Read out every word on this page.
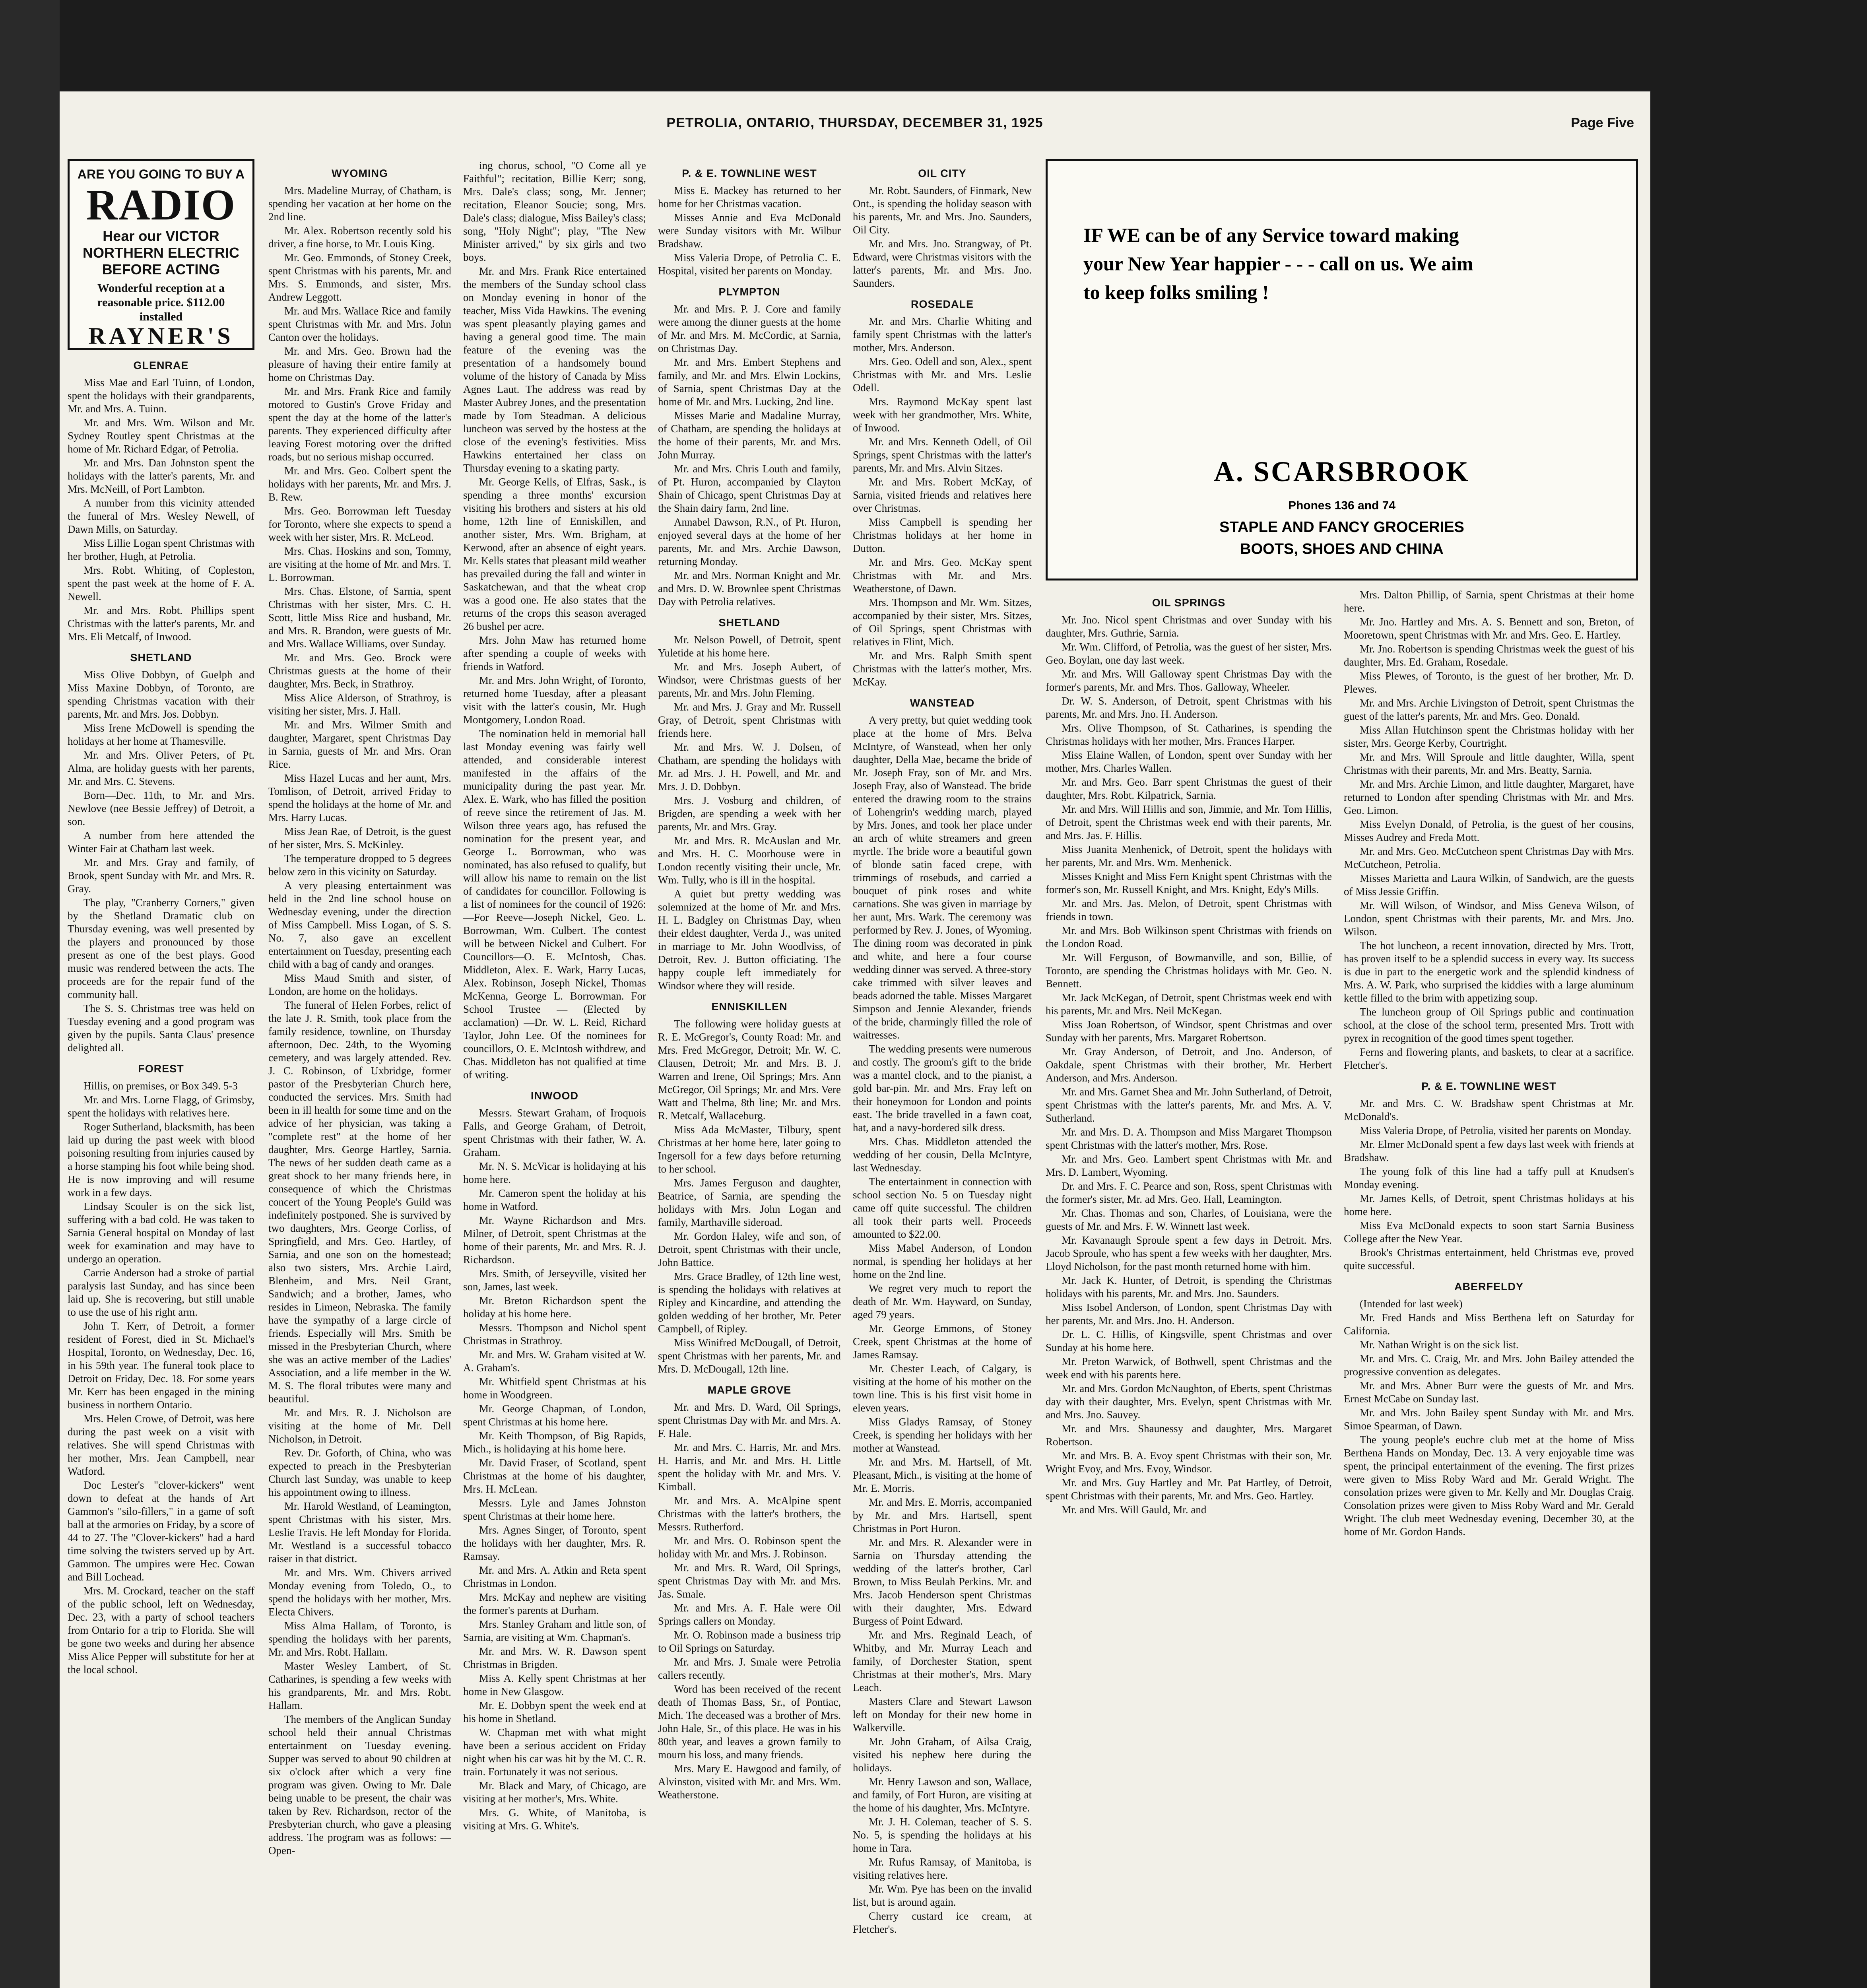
PETROLIA, ONTARIO, THURSDAY, DECEMBER 31, 1925	Page Five
ARE YOU GOING TO BUY A
RADIO
Hear our VICTOR NORTHERN ELECTRIC BEFORE ACTING
Wonderful reception at a reasonable price. $112.00 installed
RAYNER'S
GLENRAE

Miss Mae and Earl Tuinn, of London, spent the holidays with their grandparents, Mr. and Mrs. A. Tuinn.

Mr. and Mrs. Wm. Wilson and Mr. Sydney Routley spent Christmas at the home of Mr. Richard Edgar, of Petrolia.

Mr. and Mrs. Dan Johnston spent the holidays with the latter's parents, Mr. and Mrs. McNeill, of Port Lambton.

A number from this vicinity attended the funeral of Mrs. Wesley Newell, of Dawn Mills, on Saturday.

Miss Lillie Logan spent Christmas with her brother, Hugh, at Petrolia.

Mrs. Robt. Whiting, of Copleston, spent the past week at the home of F. A. Newell.

Mr. and Mrs. Robt. Phillips spent Christmas with the latter's parents, Mr. and Mrs. Eli Metcalf, of Inwood.

SHETLAND

Miss Olive Dobbyn, of Guelph and Miss Maxine Dobbyn, of Toronto, are spending Christmas vacation with their parents, Mr. and Mrs. Jos. Dobbyn.

Miss Irene McDowell is spending the holidays at her home at Thamesville.

Mr. and Mrs. Oliver Peters, of Pt. Alma, are holiday guests with her parents, Mr. and Mrs. C. Stevens.

Born—Dec. 11th, to Mr. and Mrs. Newlove (nee Bessie Jeffrey) of Detroit, a son.

A number from here attended the Winter Fair at Chatham last week.

Mr. and Mrs. Gray and family, of Brook, spent Sunday with Mr. and Mrs. R. Gray.

The play, "Cranberry Corners," given by the Shetland Dramatic club on Thursday evening, was well presented by the players and pronounced by those present as one of the best plays. Good music was rendered between the acts. The proceeds are for the repair fund of the community hall.

The S. S. Christmas tree was held on Tuesday evening and a good program was given by the pupils. Santa Claus' presence delighted all.

FOREST

Hillis, on premises, or Box 349. 5-3

Mr. and Mrs. Lorne Flagg, of Grimsby, spent the holidays with relatives here.

Roger Sutherland, blacksmith, has been laid up during the past week with blood poisoning resulting from injuries caused by a horse stamping his foot while being shod. He is now improving and will resume work in a few days.

Lindsay Scouler is on the sick list, suffering with a bad cold. He was taken to Sarnia General hospital on Monday of last week for examination and may have to undergo an operation.

Carrie Anderson had a stroke of partial paralysis last Sunday, and has since been laid up. She is recovering, but still unable to use the use of his right arm.

John T. Kerr, of Detroit, a former resident of Forest, died in St. Michael's Hospital, Toronto, on Wednesday, Dec. 16, in his 59th year. The funeral took place to Detroit on Friday, Dec. 18. For some years Mr. Kerr has been engaged in the mining business in northern Ontario.

Mrs. Helen Crowe, of Detroit, was here during the past week on a visit with relatives. She will spend Christmas with her mother, Mrs. Jean Campbell, near Watford.

Doc Lester's "clover-kickers" went down to defeat at the hands of Art Gammon's "silo-fillers," in a game of soft ball at the armories on Friday, by a score of 44 to 27. The "Clover-kickers" had a hard time solving the twisters served up by Art. Gammon. The umpires were Hec. Cowan and Bill Lochead.

Mrs. M. Crockard, teacher on the staff of the public school, left on Wednesday, Dec. 23, with a party of school teachers from Ontario for a trip to Florida. She will be gone two weeks and during her absence Miss Alice Pepper will substitute for her at the local school.

WYOMING

Mrs. Madeline Murray, of Chatham, is spending her vacation at her home on the 2nd line.

Mr. Alex. Robertson recently sold his driver, a fine horse, to Mr. Louis King.

Mr. Geo. Emmonds, of Stoney Creek, spent Christmas with his parents, Mr. and Mrs. S. Emmonds, and sister, Mrs. Andrew Leggott.

Mr. and Mrs. Wallace Rice and family spent Christmas with Mr. and Mrs. John Canton over the holidays.

Mr. and Mrs. Geo. Brown had the pleasure of having their entire family at home on Christmas Day.

Mr. and Mrs. Frank Rice and family motored to Gustin's Grove Friday and spent the day at the home of the latter's parents. They experienced difficulty after leaving Forest motoring over the drifted roads, but no serious mishap occurred.

Mr. and Mrs. Geo. Colbert spent the holidays with her parents, Mr. and Mrs. J. B. Rew.

Mrs. Geo. Borrowman left Tuesday for Toronto, where she expects to spend a week with her sister, Mrs. R. McLeod.

Mrs. Chas. Hoskins and son, Tommy, are visiting at the home of Mr. and Mrs. T. L. Borrowman.

Mrs. Chas. Elstone, of Sarnia, spent Christmas with her sister, Mrs. C. H. Scott, little Miss Rice and husband, Mr. and Mrs. R. Brandon, were guests of Mr. and Mrs. Wallace Williams, over Sunday.

Mr. and Mrs. Geo. Brock were Christmas guests at the home of their daughter, Mrs. Beck, in Strathroy.

Miss Alice Alderson, of Strathroy, is visiting her sister, Mrs. J. Hall.

Mr. and Mrs. Wilmer Smith and daughter, Margaret, spent Christmas Day in Sarnia, guests of Mr. and Mrs. Oran Rice.

Miss Hazel Lucas and her aunt, Mrs. Tomlison, of Detroit, arrived Friday to spend the holidays at the home of Mr. and Mrs. Harry Lucas.

Miss Jean Rae, of Detroit, is the guest of her sister, Mrs. S. McKinley.

The temperature dropped to 5 degrees below zero in this vicinity on Saturday.

A very pleasing entertainment was held in the 2nd line school house on Wednesday evening, under the direction of Miss Campbell. Miss Logan, of S. S. No. 7, also gave an excellent entertainment on Tuesday, presenting each child with a bag of candy and oranges.

Miss Maud Smith and sister, of London, are home on the holidays.

The funeral of Helen Forbes, relict of the late J. R. Smith, took place from the family residence, townline, on Thursday afternoon, Dec. 24th, to the Wyoming cemetery, and was largely attended. Rev. J. C. Robinson, of Uxbridge, former pastor of the Presbyterian Church here, conducted the services. Mrs. Smith had been in ill health for some time and on the advice of her physician, was taking a "complete rest" at the home of her daughter, Mrs. George Hartley, Sarnia. The news of her sudden death came as a great shock to her many friends here, in consequence of which the Christmas concert of the Young People's Guild was indefinitely postponed. She is survived by two daughters, Mrs. George Corliss, of Springfield, and Mrs. Geo. Hartley, of Sarnia, and one son on the homestead; also two sisters, Mrs. Archie Laird, Blenheim, and Mrs. Neil Grant, Sandwich; and a brother, James, who resides in Limeon, Nebraska. The family have the sympathy of a large circle of friends. Especially will Mrs. Smith be missed in the Presbyterian Church, where she was an active member of the Ladies' Association, and a life member in the W. M. S. The floral tributes were many and beautiful.

Mr. and Mrs. R. J. Nicholson are visiting at the home of Mr. Dell Nicholson, in Detroit.

Rev. Dr. Goforth, of China, who was expected to preach in the Presbyterian Church last Sunday, was unable to keep his appointment owing to illness.

Mr. Harold Westland, of Leamington, spent Christmas with his sister, Mrs. Leslie Travis. He left Monday for Florida. Mr. Westland is a successful tobacco raiser in that district.

Mr. and Mrs. Wm. Chivers arrived Monday evening from Toledo, O., to spend the holidays with her mother, Mrs. Electa Chivers.

Miss Alma Hallam, of Toronto, is spending the holidays with her parents, Mr. and Mrs. Robt. Hallam.

Master Wesley Lambert, of St. Catharines, is spending a few weeks with his grandparents, Mr. and Mrs. Robt. Hallam.

The members of the Anglican Sunday school held their annual Christmas entertainment on Tuesday evening. Supper was served to about 90 children at six o'clock after which a very fine program was given. Owing to Mr. Dale being unable to be present, the chair was taken by Rev. Richardson, rector of the Presbyterian church, who gave a pleasing address. The program was as follows: —Open-

ing chorus, school, "O Come all ye Faithful"; recitation, Billie Kerr; song, Mrs. Dale's class; song, Mr. Jenner; recitation, Eleanor Soucie; song, Mrs. Dale's class; dialogue, Miss Bailey's class; song, "Holy Night"; play, "The New Minister arrived," by six girls and two boys.

Mr. and Mrs. Frank Rice entertained the members of the Sunday school class on Monday evening in honor of the teacher, Miss Vida Hawkins. The evening was spent pleasantly playing games and having a general good time. The main feature of the evening was the presentation of a handsomely bound volume of the history of Canada by Miss Agnes Laut. The address was read by Master Aubrey Jones, and the presentation made by Tom Steadman. A delicious luncheon was served by the hostess at the close of the evening's festivities. Miss Hawkins entertained her class on Thursday evening to a skating party.

Mr. George Kells, of Elfras, Sask., is spending a three months' excursion visiting his brothers and sisters at his old home, 12th line of Enniskillen, and another sister, Mrs. Wm. Brigham, at Kerwood, after an absence of eight years. Mr. Kells states that pleasant mild weather has prevailed during the fall and winter in Saskatchewan, and that the wheat crop was a good one. He also states that the returns of the crops this season averaged 26 bushel per acre.

Mrs. John Maw has returned home after spending a couple of weeks with friends in Watford.

Mr. and Mrs. John Wright, of Toronto, returned home Tuesday, after a pleasant visit with the latter's cousin, Mr. Hugh Montgomery, London Road.

The nomination held in memorial hall last Monday evening was fairly well attended, and considerable interest manifested in the affairs of the municipality during the past year. Mr. Alex. E. Wark, who has filled the position of reeve since the retirement of Jas. M. Wilson three years ago, has refused the nomination for the present year, and George L. Borrowman, who was nominated, has also refused to qualify, but will allow his name to remain on the list of candidates for councillor. Following is a list of nominees for the council of 1926: —For Reeve—Joseph Nickel, Geo. L. Borrowman, Wm. Culbert. The contest will be between Nickel and Culbert. For Councillors—O. E. McIntosh, Chas. Middleton, Alex. E. Wark, Harry Lucas, Alex. Robinson, Joseph Nickel, Thomas McKenna, George L. Borrowman. For School Trustee — (Elected by acclamation) —Dr. W. L. Reid, Richard Taylor, John Lee. Of the nominees for councillors, O. E. McIntosh withdrew, and Chas. Middleton has not qualified at time of writing.

INWOOD

Messrs. Stewart Graham, of Iroquois Falls, and George Graham, of Detroit, spent Christmas with their father, W. A. Graham.

Mr. N. S. McVicar is holidaying at his home here.

Mr. Cameron spent the holiday at his home in Watford.

Mr. Wayne Richardson and Mrs. Milner, of Detroit, spent Christmas at the home of their parents, Mr. and Mrs. R. J. Richardson.

Mrs. Smith, of Jerseyville, visited her son, James, last week.

Mr. Breton Richardson spent the holiday at his home here.

Messrs. Thompson and Nichol spent Christmas in Strathroy.

Mr. and Mrs. W. Graham visited at W. A. Graham's.

Mr. Whitfield spent Christmas at his home in Woodgreen.

Mr. George Chapman, of London, spent Christmas at his home here.

Mr. Keith Thompson, of Big Rapids, Mich., is holidaying at his home here.

Mr. David Fraser, of Scotland, spent Christmas at the home of his daughter, Mrs. H. McLean.

Messrs. Lyle and James Johnston spent Christmas at their home here.

Mrs. Agnes Singer, of Toronto, spent the holidays with her daughter, Mrs. R. Ramsay.

Mr. and Mrs. A. Atkin and Reta spent Christmas in London.

Mrs. McKay and nephew are visiting the former's parents at Durham.

Mrs. Stanley Graham and little son, of Sarnia, are visiting at Wm. Chapman's.

Mr. and Mrs. W. R. Dawson spent Christmas in Brigden.

Miss A. Kelly spent Christmas at her home in New Glasgow.

Mr. E. Dobbyn spent the week end at his home in Shetland.

W. Chapman met with what might have been a serious accident on Friday night when his car was hit by the M. C. R. train. Fortunately it was not serious.

Mr. Black and Mary, of Chicago, are visiting at her mother's, Mrs. White.

Mrs. G. White, of Manitoba, is visiting at Mrs. G. White's.

P. & E. TOWNLINE WEST

Miss E. Mackey has returned to her home for her Christmas vacation.

Misses Annie and Eva McDonald were Sunday visitors with Mr. Wilbur Bradshaw.

Miss Valeria Drope, of Petrolia C. E. Hospital, visited her parents on Monday.

PLYMPTON

Mr. and Mrs. P. J. Core and family were among the dinner guests at the home of Mr. and Mrs. M. McCordic, at Sarnia, on Christmas Day.

Mr. and Mrs. Embert Stephens and family, and Mr. and Mrs. Elwin Lockins, of Sarnia, spent Christmas Day at the home of Mr. and Mrs. Lucking, 2nd line.

Misses Marie and Madaline Murray, of Chatham, are spending the holidays at the home of their parents, Mr. and Mrs. John Murray.

Mr. and Mrs. Chris Louth and family, of Pt. Huron, accompanied by Clayton Shain of Chicago, spent Christmas Day at the Shain dairy farm, 2nd line.

Annabel Dawson, R.N., of Pt. Huron, enjoyed several days at the home of her parents, Mr. and Mrs. Archie Dawson, returning Monday.

Mr. and Mrs. Norman Knight and Mr. and Mrs. D. W. Brownlee spent Christmas Day with Petrolia relatives.

SHETLAND

Mr. Nelson Powell, of Detroit, spent Yuletide at his home here.

Mr. and Mrs. Joseph Aubert, of Windsor, were Christmas guests of her parents, Mr. and Mrs. John Fleming.

Mr. and Mrs. J. Gray and Mr. Russell Gray, of Detroit, spent Christmas with friends here.

Mr. and Mrs. W. J. Dolsen, of Chatham, are spending the holidays with Mr. ad Mrs. J. H. Powell, and Mr. and Mrs. J. D. Dobbyn.

Mrs. J. Vosburg and children, of Brigden, are spending a week with her parents, Mr. and Mrs. Gray.

Mr. and Mrs. R. McAuslan and Mr. and Mrs. H. C. Moorhouse were in London recently visiting their uncle, Mr. Wm. Tully, who is ill in the hospital.

A quiet but pretty wedding was solemnized at the home of Mr. and Mrs. H. L. Badgley on Christmas Day, when their eldest daughter, Verda J., was united in marriage to Mr. John Woodlviss, of Detroit, Rev. J. Button officiating. The happy couple left immediately for Windsor where they will reside.

ENNISKILLEN

The following were holiday guests at R. E. McGregor's, County Road: Mr. and Mrs. Fred McGregor, Detroit; Mr. W. C. Clausen, Detroit; Mr. and Mrs. B. J. Warren and Irene, Oil Springs; Mrs. Ann McGregor, Oil Springs; Mr. and Mrs. Vere Watt and Thelma, 8th line; Mr. and Mrs. R. Metcalf, Wallaceburg.

Miss Ada McMaster, Tilbury, spent Christmas at her home here, later going to Ingersoll for a few days before returning to her school.

Mrs. James Ferguson and daughter, Beatrice, of Sarnia, are spending the holidays with Mrs. John Logan and family, Marthaville sideroad.

Mr. Gordon Haley, wife and son, of Detroit, spent Christmas with their uncle, John Battice.

Mrs. Grace Bradley, of 12th line west, is spending the holidays with relatives at Ripley and Kincardine, and attending the golden wedding of her brother, Mr. Peter Campbell, of Ripley.

Miss Winifred McDougall, of Detroit, spent Christmas with her parents, Mr. and Mrs. D. McDougall, 12th line.

MAPLE GROVE

Mr. and Mrs. D. Ward, Oil Springs, spent Christmas Day with Mr. and Mrs. A. F. Hale.

Mr. and Mrs. C. Harris, Mr. and Mrs. H. Harris, and Mr. and Mrs. H. Little spent the holiday with Mr. and Mrs. V. Kimball.

Mr. and Mrs. A. McAlpine spent Christmas with the latter's brothers, the Messrs. Rutherford.

Mr. and Mrs. O. Robinson spent the holiday with Mr. and Mrs. J. Robinson.

Mr. and Mrs. R. Ward, Oil Springs, spent Christmas Day with Mr. and Mrs. Jas. Smale.

Mr. and Mrs. A. F. Hale were Oil Springs callers on Monday.

Mr. O. Robinson made a business trip to Oil Springs on Saturday.

Mr. and Mrs. J. Smale were Petrolia callers recently.

Word has been received of the recent death of Thomas Bass, Sr., of Pontiac, Mich. The deceased was a brother of Mrs. John Hale, Sr., of this place. He was in his 80th year, and leaves a grown family to mourn his loss, and many friends.

Mrs. Mary E. Hawgood and family, of Alvinston, visited with Mr. and Mrs. Wm. Weatherstone.

OIL CITY

Mr. Robt. Saunders, of Finmark, New Ont., is spending the holiday season with his parents, Mr. and Mrs. Jno. Saunders, Oil City.

Mr. and Mrs. Jno. Strangway, of Pt. Edward, were Christmas visitors with the latter's parents, Mr. and Mrs. Jno. Saunders.

ROSEDALE

Mr. and Mrs. Charlie Whiting and family spent Christmas with the latter's mother, Mrs. Anderson.

Mrs. Geo. Odell and son, Alex., spent Christmas with Mr. and Mrs. Leslie Odell.

Mrs. Raymond McKay spent last week with her grandmother, Mrs. White, of Inwood.

Mr. and Mrs. Kenneth Odell, of Oil Springs, spent Christmas with the latter's parents, Mr. and Mrs. Alvin Sitzes.

Mr. and Mrs. Robert McKay, of Sarnia, visited friends and relatives here over Christmas.

Miss Campbell is spending her Christmas holidays at her home in Dutton.

Mr. and Mrs. Geo. McKay spent Christmas with Mr. and Mrs. Weatherstone, of Dawn.

Mrs. Thompson and Mr. Wm. Sitzes, accompanied by their sister, Mrs. Sitzes, of Oil Springs, spent Christmas with relatives in Flint, Mich.

Mr. and Mrs. Ralph Smith spent Christmas with the latter's mother, Mrs. McKay.

WANSTEAD

A very pretty, but quiet wedding took place at the home of Mrs. Belva McIntyre, of Wanstead, when her only daughter, Della Mae, became the bride of Mr. Joseph Fray, son of Mr. and Mrs. Joseph Fray, also of Wanstead. The bride entered the drawing room to the strains of Lohengrin's wedding march, played by Mrs. Jones, and took her place under an arch of white streamers and green myrtle. The bride wore a beautiful gown of blonde satin faced crepe, with trimmings of rosebuds, and carried a bouquet of pink roses and white carnations. She was given in marriage by her aunt, Mrs. Wark. The ceremony was performed by Rev. J. Jones, of Wyoming. The dining room was decorated in pink and white, and here a four course wedding dinner was served. A three-story cake trimmed with silver leaves and beads adorned the table. Misses Margaret Simpson and Jennie Alexander, friends of the bride, charmingly filled the role of waitresses.

The wedding presents were numerous and costly. The groom's gift to the bride was a mantel clock, and to the pianist, a gold bar-pin. Mr. and Mrs. Fray left on their honeymoon for London and points east. The bride travelled in a fawn coat, hat, and a navy-bordered silk dress.

Mrs. Chas. Middleton attended the wedding of her cousin, Della McIntyre, last Wednesday.

The entertainment in connection with school section No. 5 on Tuesday night came off quite successful. The children all took their parts well. Proceeds amounted to $22.00.

Miss Mabel Anderson, of London normal, is spending her holidays at her home on the 2nd line.

We regret very much to report the death of Mr. Wm. Hayward, on Sunday, aged 79 years.

Mr. George Emmons, of Stoney Creek, spent Christmas at the home of James Ramsay.

Mr. Chester Leach, of Calgary, is visiting at the home of his mother on the town line. This is his first visit home in eleven years.

Miss Gladys Ramsay, of Stoney Creek, is spending her holidays with her mother at Wanstead.

Mr. and Mrs. M. Hartsell, of Mt. Pleasant, Mich., is visiting at the home of Mr. E. Morris.

Mr. and Mrs. E. Morris, accompanied by Mr. and Mrs. Hartsell, spent Christmas in Port Huron.

Mr. and Mrs. R. Alexander were in Sarnia on Thursday attending the wedding of the latter's brother, Carl Brown, to Miss Beulah Perkins. Mr. and Mrs. Jacob Henderson spent Christmas with their daughter, Mrs. Edward Burgess of Point Edward.

Mr. and Mrs. Reginald Leach, of Whitby, and Mr. Murray Leach and family, of Dorchester Station, spent Christmas at their mother's, Mrs. Mary Leach.

Masters Clare and Stewart Lawson left on Monday for their new home in Walkerville.

Mr. John Graham, of Ailsa Craig, visited his nephew here during the holidays.

Mr. Henry Lawson and son, Wallace, and family, of Fort Huron, are visiting at the home of his daughter, Mrs. McIntyre.

Mr. J. H. Coleman, teacher of S. S. No. 5, is spending the holidays at his home in Tara.

Mr. Rufus Ramsay, of Manitoba, is visiting relatives here.

Mr. Wm. Pye has been on the invalid list, but is around again.

Cherry custard ice cream, at Fletcher's.

IF WE can be of any Service toward making your New Year happier - - - call on us. We aim to keep folks smiling !
A. SCARSBROOK
Phones 136 and 74
STAPLE AND FANCY GROCERIES
BOOTS, SHOES AND CHINA
OIL SPRINGS

Mr. Jno. Nicol spent Christmas and over Sunday with his daughter, Mrs. Guthrie, Sarnia.

Mr. Wm. Clifford, of Petrolia, was the guest of her sister, Mrs. Geo. Boylan, one day last week.

Mr. and Mrs. Will Galloway spent Christmas Day with the former's parents, Mr. and Mrs. Thos. Galloway, Wheeler.

Dr. W. S. Anderson, of Detroit, spent Christmas with his parents, Mr. and Mrs. Jno. H. Anderson.

Mrs. Olive Thompson, of St. Catharines, is spending the Christmas holidays with her mother, Mrs. Frances Harper.

Miss Elaine Wallen, of London, spent over Sunday with her mother, Mrs. Charles Wallen.

Mr. and Mrs. Geo. Barr spent Christmas the guest of their daughter, Mrs. Robt. Kilpatrick, Sarnia.

Mr. and Mrs. Will Hillis and son, Jimmie, and Mr. Tom Hillis, of Detroit, spent the Christmas week end with their parents, Mr. and Mrs. Jas. F. Hillis.

Miss Juanita Menhenick, of Detroit, spent the holidays with her parents, Mr. and Mrs. Wm. Menhenick.

Misses Knight and Miss Fern Knight spent Christmas with the former's son, Mr. Russell Knight, and Mrs. Knight, Edy's Mills.

Mr. and Mrs. Jas. Melon, of Detroit, spent Christmas with friends in town.

Mr. and Mrs. Bob Wilkinson spent Christmas with friends on the London Road.

Mr. Will Ferguson, of Bowmanville, and son, Billie, of Toronto, are spending the Christmas holidays with Mr. Geo. N. Bennett.

Mr. Jack McKegan, of Detroit, spent Christmas week end with his parents, Mr. and Mrs. Neil McKegan.

Miss Joan Robertson, of Windsor, spent Christmas and over Sunday with her parents, Mrs. Margaret Robertson.

Mr. Gray Anderson, of Detroit, and Jno. Anderson, of Oakdale, spent Christmas with their brother, Mr. Herbert Anderson, and Mrs. Anderson.

Mr. and Mrs. Garnet Shea and Mr. John Sutherland, of Detroit, spent Christmas with the latter's parents, Mr. and Mrs. A. V. Sutherland.

Mr. and Mrs. D. A. Thompson and Miss Margaret Thompson spent Christmas with the latter's mother, Mrs. Rose.

Mr. and Mrs. Geo. Lambert spent Christmas with Mr. and Mrs. D. Lambert, Wyoming.

Dr. and Mrs. F. C. Pearce and son, Ross, spent Christmas with the former's sister, Mr. ad Mrs. Geo. Hall, Leamington.

Mr. Chas. Thomas and son, Charles, of Louisiana, were the guests of Mr. and Mrs. F. W. Winnett last week.

Mr. Kavanaugh Sproule spent a few days in Detroit. Mrs. Jacob Sproule, who has spent a few weeks with her daughter, Mrs. Lloyd Nicholson, for the past month returned home with him.

Mr. Jack K. Hunter, of Detroit, is spending the Christmas holidays with his parents, Mr. and Mrs. Jno. Saunders.

Miss Isobel Anderson, of London, spent Christmas Day with her parents, Mr. and Mrs. Jno. H. Anderson.

Dr. L. C. Hillis, of Kingsville, spent Christmas and over Sunday at his home here.

Mr. Preton Warwick, of Bothwell, spent Christmas and the week end with his parents here.

Mr. and Mrs. Gordon McNaughton, of Eberts, spent Christmas day with their daughter, Mrs. Evelyn, spent Christmas with Mr. and Mrs. Jno. Sauvey.

Mr. and Mrs. Shaunessy and daughter, Mrs. Margaret Robertson.

Mr. and Mrs. B. A. Evoy spent Christmas with their son, Mr. Wright Evoy, and Mrs. Evoy, Windsor.

Mr. and Mrs. Guy Hartley and Mr. Pat Hartley, of Detroit, spent Christmas with their parents, Mr. and Mrs. Geo. Hartley.

Mr. and Mrs. Will Gauld, Mr. and

Mrs. Dalton Phillip, of Sarnia, spent Christmas at their home here.

Mr. Jno. Hartley and Mrs. A. S. Bennett and son, Breton, of Mooretown, spent Christmas with Mr. and Mrs. Geo. E. Hartley.

Mr. Jno. Robertson is spending Christmas week the guest of his daughter, Mrs. Ed. Graham, Rosedale.

Miss Plewes, of Toronto, is the guest of her brother, Mr. D. Plewes.

Mr. and Mrs. Archie Livingston of Detroit, spent Christmas the guest of the latter's parents, Mr. and Mrs. Geo. Donald.

Miss Allan Hutchinson spent the Christmas holiday with her sister, Mrs. George Kerby, Courtright.

Mr. and Mrs. Will Sproule and little daughter, Willa, spent Christmas with their parents, Mr. and Mrs. Beatty, Sarnia.

Mr. and Mrs. Archie Limon, and little daughter, Margaret, have returned to London after spending Christmas with Mr. and Mrs. Geo. Limon.

Miss Evelyn Donald, of Petrolia, is the guest of her cousins, Misses Audrey and Freda Mott.

Mr. and Mrs. Geo. McCutcheon spent Christmas Day with Mrs. McCutcheon, Petrolia.

Misses Marietta and Laura Wilkin, of Sandwich, are the guests of Miss Jessie Griffin.

Mr. Will Wilson, of Windsor, and Miss Geneva Wilson, of London, spent Christmas with their parents, Mr. and Mrs. Jno. Wilson.

The hot luncheon, a recent innovation, directed by Mrs. Trott, has proven itself to be a splendid success in every way. Its success is due in part to the energetic work and the splendid kindness of Mrs. A. W. Park, who surprised the kiddies with a large aluminum kettle filled to the brim with appetizing soup.

The luncheon group of Oil Springs public and continuation school, at the close of the school term, presented Mrs. Trott with pyrex in recognition of the good times spent together.

Ferns and flowering plants, and baskets, to clear at a sacrifice. Fletcher's.

P. & E. TOWNLINE WEST

Mr. and Mrs. C. W. Bradshaw spent Christmas at Mr. McDonald's.

Miss Valeria Drope, of Petrolia, visited her parents on Monday.

Mr. Elmer McDonald spent a few days last week with friends at Bradshaw.

The young folk of this line had a taffy pull at Knudsen's Monday evening.

Mr. James Kells, of Detroit, spent Christmas holidays at his home here.

Miss Eva McDonald expects to soon start Sarnia Business College after the New Year.

Brook's Christmas entertainment, held Christmas eve, proved quite successful.

ABERFELDY

(Intended for last week)

Mr. Fred Hands and Miss Berthena left on Saturday for California.

Mr. Nathan Wright is on the sick list.

Mr. and Mrs. C. Craig, Mr. and Mrs. John Bailey attended the progressive convention as delegates.

Mr. and Mrs. Abner Burr were the guests of Mr. and Mrs. Ernest McCabe on Sunday last.

Mr. and Mrs. John Bailey spent Sunday with Mr. and Mrs. Simoe Spearman, of Dawn.

The young people's euchre club met at the home of Miss Berthena Hands on Monday, Dec. 13. A very enjoyable time was spent, the principal entertainment of the evening. The first prizes were given to Miss Roby Ward and Mr. Gerald Wright. The consolation prizes were given to Mr. Kelly and Mr. Douglas Craig. Consolation prizes were given to Miss Roby Ward and Mr. Gerald Wright. The club meet Wednesday evening, December 30, at the home of Mr. Gordon Hands.
